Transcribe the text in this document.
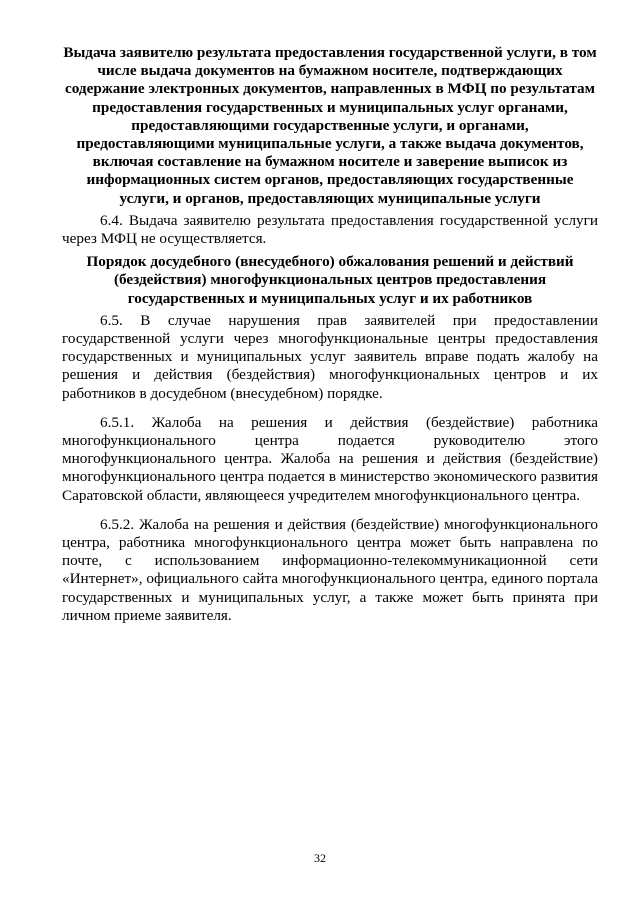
Выдача заявителю результата предоставления государственной услуги, в том числе выдача документов на бумажном носителе, подтверждающих содержание электронных документов, направленных в МФЦ по результатам предоставления государственных и муниципальных услуг органами, предоставляющими государственные услуги, и органами, предоставляющими муниципальные услуги, а также выдача документов, включая составление на бумажном носителе и заверение выписок из информационных систем органов, предоставляющих государственные услуги, и органов, предоставляющих муниципальные услуги

6.4. Выдача заявителю результата предоставления государственной услуги через МФЦ не осуществляется.

Порядок досудебного (внесудебного) обжалования решений и действий (бездействия) многофункциональных центров предоставления государственных и муниципальных услуг и их работников

6.5. В случае нарушения прав заявителей при предоставлении государственной услуги через многофункциональные центры предоставления государственных и муниципальных услуг заявитель вправе подать жалобу на решения и действия (бездействия) многофункциональных центров и их работников в досудебном (внесудебном) порядке.

6.5.1. Жалоба на решения и действия (бездействие) работника многофункционального центра подается руководителю этого многофункционального центра. Жалоба на решения и действия (бездействие) многофункционального центра подается в министерство экономического развития Саратовской области, являющееся учредителем многофункционального центра.

6.5.2. Жалоба на решения и действия (бездействие) многофункционального центра, работника многофункционального центра может быть направлена по почте, с использованием информационно-телекоммуникационной сети «Интернет», официального сайта многофункционального центра, единого портала государственных и муниципальных услуг, а также может быть принята при личном приеме заявителя.

32
